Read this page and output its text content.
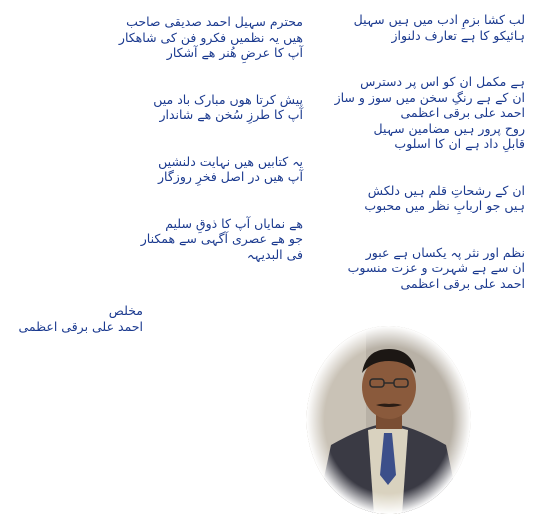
محترم سہیل احمد صدیقی صاحب
ھیں یہ نظمیں فکرو فن کی شاھکار
آپ کا عرضِ ھُنر ھے آشکار
پیش کرتا ھوں مبارک باد میں
آپ کا طرزِ سُخن ھے شاندار
یہ کتابیں ھیں نہایت دلنشیں
آپ ھیں در اصل فخرِ روزگار
ھے نمایاں آپ کا ذوقِ سلیم
جو ھے عصری آگہی سے ھمکنار
فی البدیہہ
مخلص
احمد علی برقی اعظمی
لب کشا بزمِ ادب میں ہیں سہیل
ہائیکو کا ہے تعارف دلنواز
ہے مکمل ان کو اس پر دسترس
ان کے ہے رنگِ سخن میں سوز و ساز
احمد علی برقی اعظمی
روح پرور ہیں مضامین سہیل
قابلِ داد ہے ان کا اسلوب
ان کے رشحاتِ قلم ہیں دلکش
ہیں جو اربابِ نظر میں محبوب
نظم اور نثر پہ یکساں ہے عبور
ان سے ہے شہرت و عزت منسوب
احمد علی برقی اعظمی
